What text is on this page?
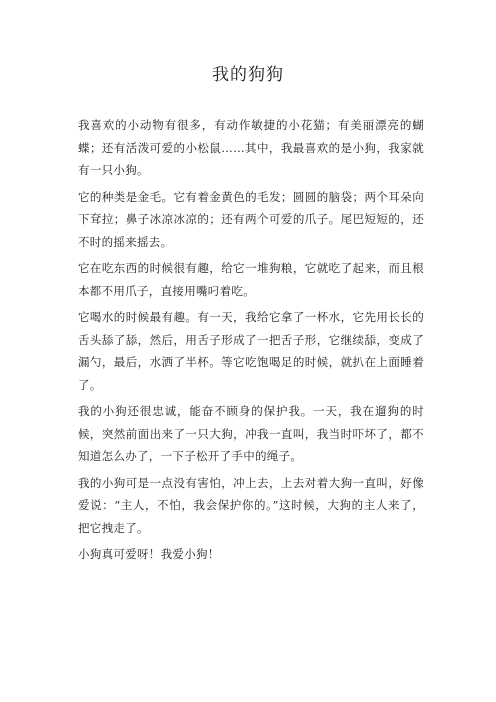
我的狗狗

我喜欢的小动物有很多，有动作敏捷的小花猫；有美丽漂亮的蝴蝶；还有活泼可爱的小松鼠……其中，我最喜欢的是小狗，我家就有一只小狗。

它的种类是金毛。它有着金黄色的毛发；圆圆的脑袋；两个耳朵向下耷拉；鼻子冰凉冰凉的；还有两个可爱的爪子。尾巴短短的，还不时的摇来摇去。

它在吃东西的时候很有趣，给它一堆狗粮，它就吃了起来，而且根本都不用爪子，直接用嘴叼着吃。

它喝水的时候最有趣。有一天，我给它拿了一杯水，它先用长长的舌头舔了舔，然后，用舌子形成了一把舌子形，它继续舔，变成了漏勺，最后，水洒了半杯。等它吃饱喝足的时候，就扒在上面睡着了。

我的小狗还很忠诚，能奋不顾身的保护我。一天，我在遛狗的时候，突然前面出来了一只大狗，冲我一直叫，我当时吓坏了，都不知道怎么办了，一下子松开了手中的绳子。

我的小狗可是一点没有害怕，冲上去，上去对着大狗一直叫，好像爱说：“主人，不怕，我会保护你的。”这时候，大狗的主人来了，把它拽走了。

小狗真可爱呀！我爱小狗！
